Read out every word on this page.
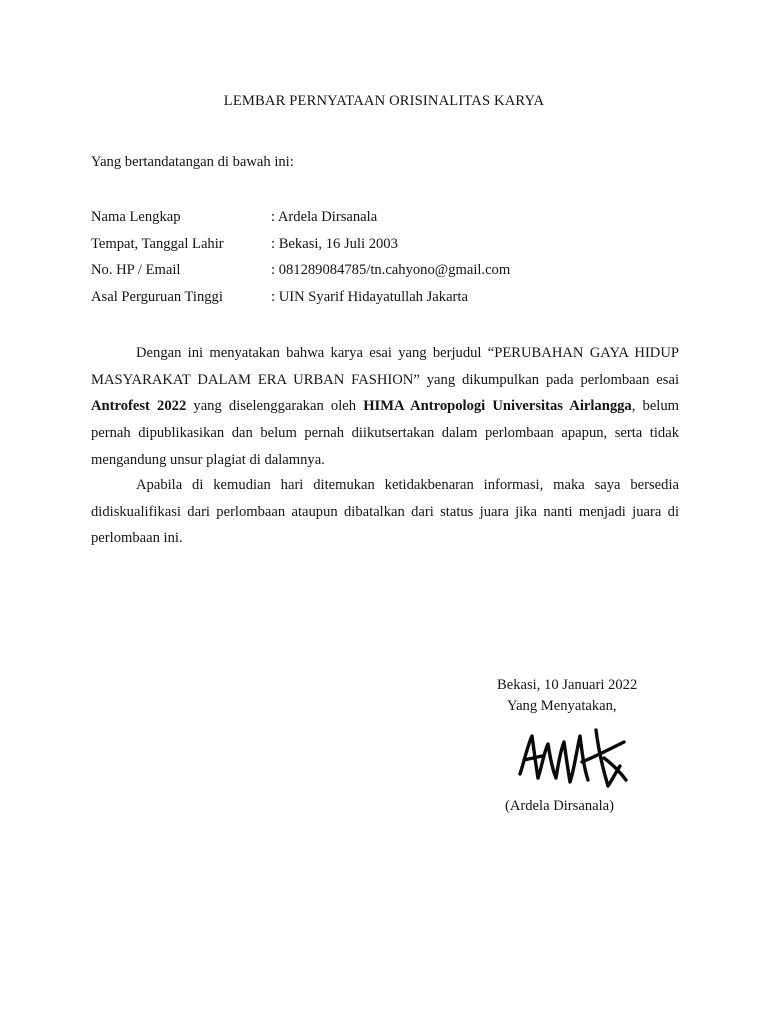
LEMBAR PERNYATAAN ORISINALITAS KARYA
Yang bertandatangan di bawah ini:
Nama Lengkap	: Ardela Dirsanala
Tempat, Tanggal Lahir	: Bekasi, 16 Juli 2003
No. HP / Email	: 081289084785/tn.cahyono@gmail.com
Asal Perguruan Tinggi	: UIN Syarif Hidayatullah Jakarta

Dengan ini menyatakan bahwa karya esai yang berjudul “PERUBAHAN GAYA HIDUP MASYARAKAT DALAM ERA URBAN FASHION” yang dikumpulkan pada perlombaan esai Antrofest 2022 yang diselenggarakan oleh HIMA Antropologi Universitas Airlangga, belum pernah dipublikasikan dan belum pernah diikutsertakan dalam perlombaan apapun, serta tidak mengandung unsur plagiat di dalamnya.

Apabila di kemudian hari ditemukan ketidakbenaran informasi, maka saya bersedia didiskualifikasi dari perlombaan ataupun dibatalkan dari status juara jika nanti menjadi juara di perlombaan ini.

Bekasi, 10 Januari 2022
Yang Menyatakan,
(Ardela Dirsanala)
